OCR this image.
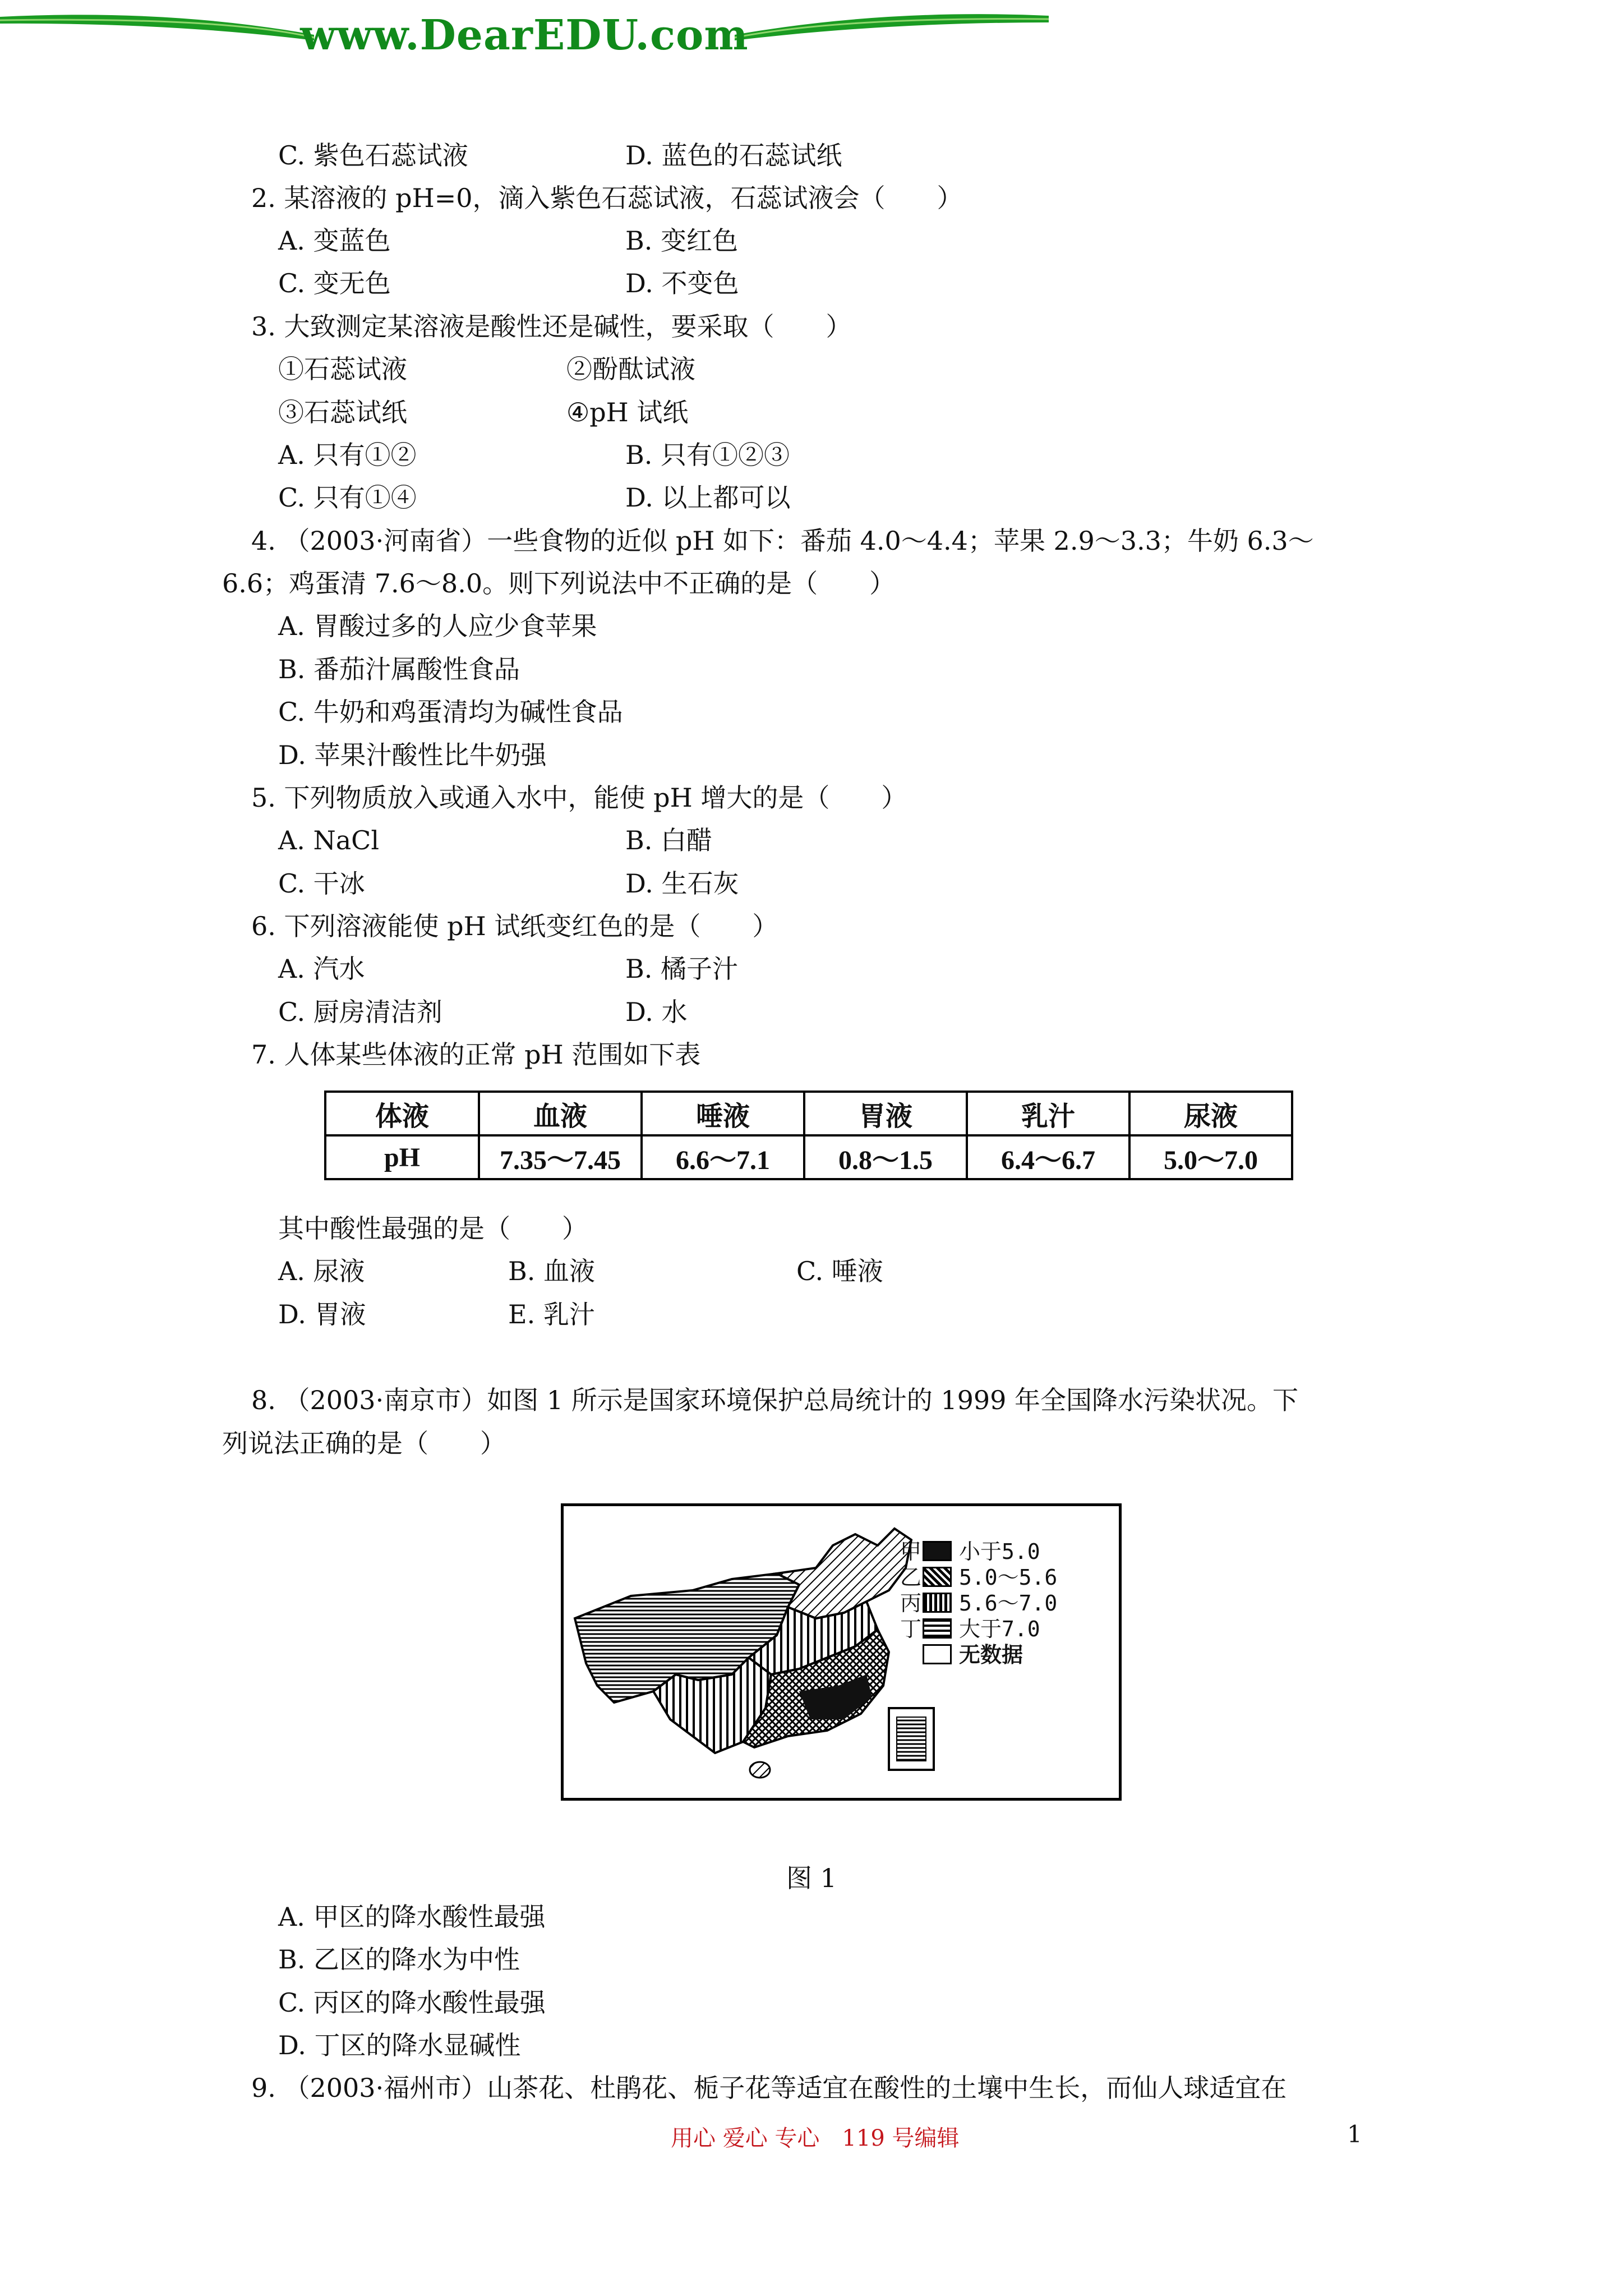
www.DearEDU.com
C. 紫色石蕊试液	D. 蓝色的石蕊试纸
2. 某溶液的 pH=0，滴入紫色石蕊试液，石蕊试液会（　　）
A. 变蓝色	B. 变红色
C. 变无色	D. 不变色
3. 大致测定某溶液是酸性还是碱性，要采取（　　）
①石蕊试液	②酚酞试液
③石蕊试纸	④pH 试纸
A. 只有①②	B. 只有①②③
C. 只有①④	D. 以上都可以
4. （2003·河南省）一些食物的近似 pH 如下：番茄 4.0～4.4；苹果 2.9～3.3；牛奶 6.3～
6.6；鸡蛋清 7.6～8.0。则下列说法中不正确的是（　　）
A. 胃酸过多的人应少食苹果
B. 番茄汁属酸性食品
C. 牛奶和鸡蛋清均为碱性食品
D. 苹果汁酸性比牛奶强
5. 下列物质放入或通入水中，能使 pH 增大的是（　　）
A. NaCl	B. 白醋
C. 干冰	D. 生石灰
6. 下列溶液能使 pH 试纸变红色的是（　　）
A. 汽水	B. 橘子汁
C. 厨房清洁剂	D. 水
7. 人体某些体液的正常 pH 范围如下表
体液	血液	唾液	胃液	乳汁	尿液
pH	7.35～7.45	6.6～7.1	0.8～1.5	6.4～6.7	5.0～7.0
其中酸性最强的是（　　）
A. 尿液	B. 血液	C. 唾液
D. 胃液	E. 乳汁
8. （2003·南京市）如图 1 所示是国家环境保护总局统计的 1999 年全国降水污染状况。下
列说法正确的是（　　）
甲 小于5.0
乙 5.0～5.6
丙 5.6～7.0
丁 大于7.0
无数据
图 1
A. 甲区的降水酸性最强
B. 乙区的降水为中性
C. 丙区的降水酸性最强
D. 丁区的降水显碱性
9. （2003·福州市）山茶花、杜鹃花、栀子花等适宜在酸性的土壤中生长，而仙人球适宜在
用心 爱心 专心　119 号编辑	1
